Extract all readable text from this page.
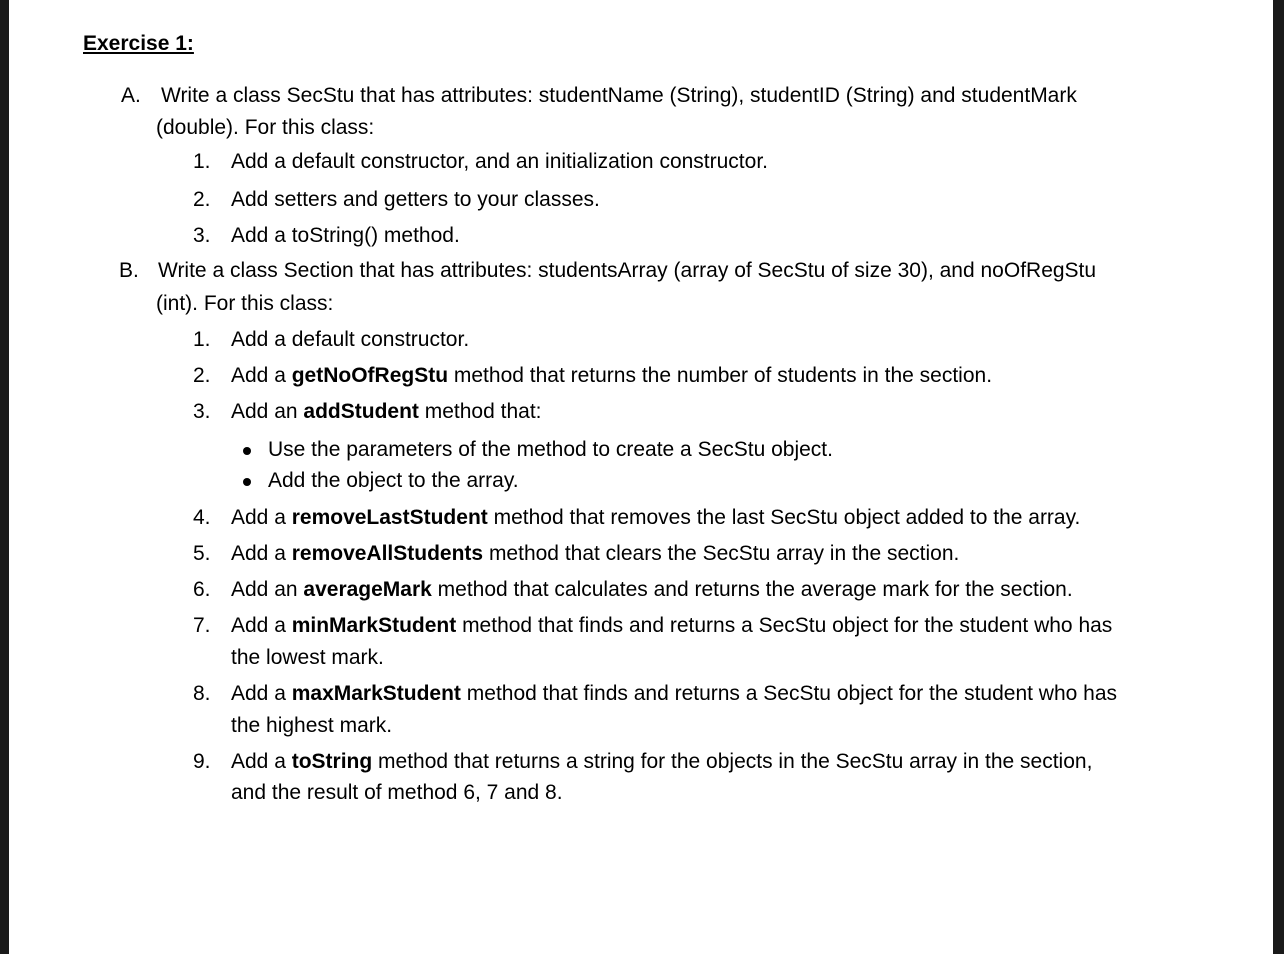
Exercise 1:
A. Write a class SecStu that has attributes: studentName (String), studentID (String) and studentMark
(double). For this class:
1. Add a default constructor, and an initialization constructor.
2. Add setters and getters to your classes.
3. Add a toString() method.
B. Write a class Section that has attributes: studentsArray (array of SecStu of size 30), and noOfRegStu
(int). For this class:
1. Add a default constructor.
2. Add a getNoOfRegStu method that returns the number of students in the section.
3. Add an addStudent method that:
Use the parameters of the method to create a SecStu object.
Add the object to the array.
4. Add a removeLastStudent method that removes the last SecStu object added to the array.
5. Add a removeAllStudents method that clears the SecStu array in the section.
6. Add an averageMark method that calculates and returns the average mark for the section.
7. Add a minMarkStudent method that finds and returns a SecStu object for the student who has
the lowest mark.
8. Add a maxMarkStudent method that finds and returns a SecStu object for the student who has
the highest mark.
9. Add a toString method that returns a string for the objects in the SecStu array in the section,
and the result of method 6, 7 and 8.
